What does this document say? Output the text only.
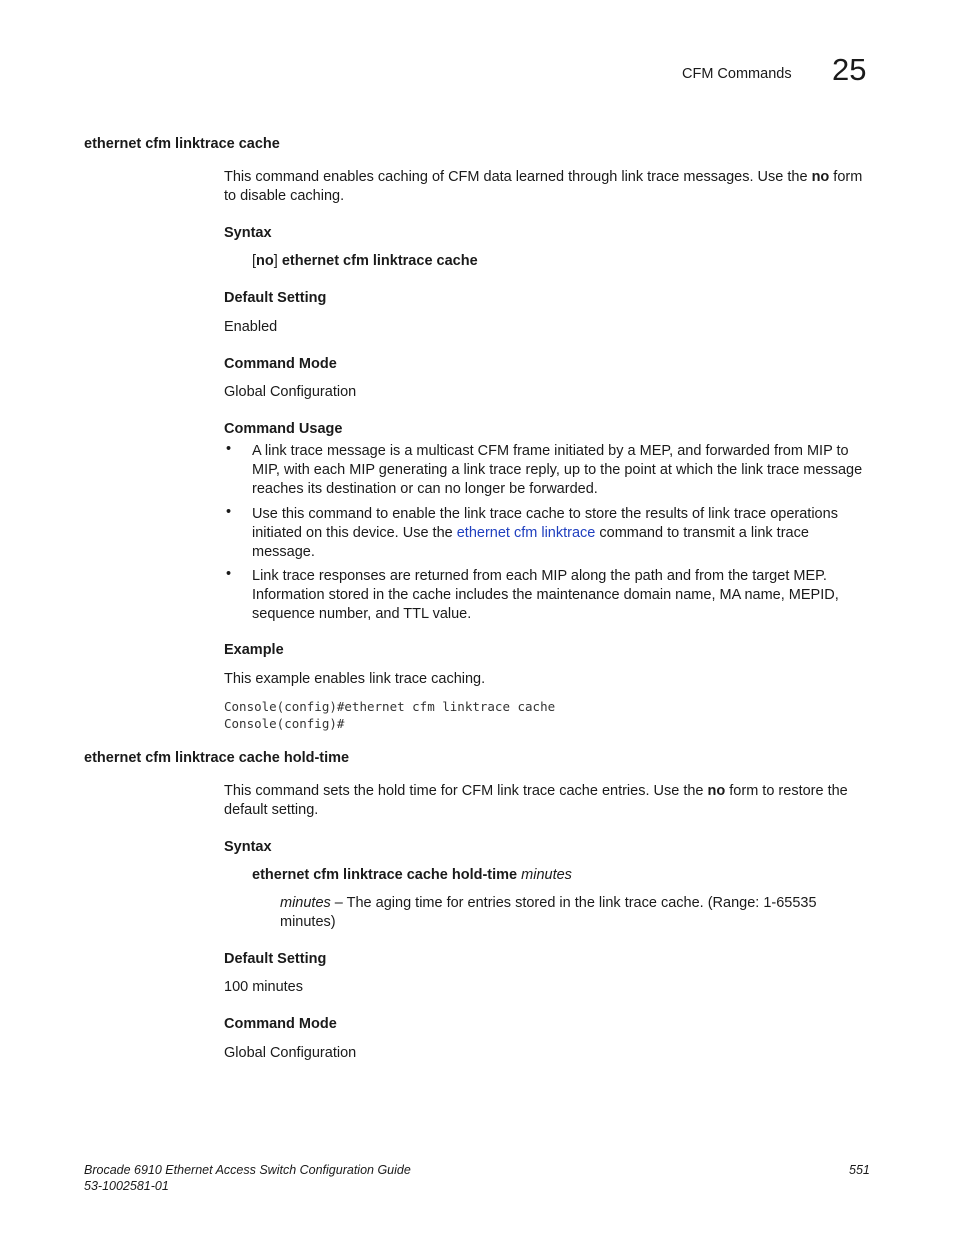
CFM Commands 25
ethernet cfm linktrace cache
This command enables caching of CFM data learned through link trace messages. Use the no form to disable caching.
Syntax
[no] ethernet cfm linktrace cache
Default Setting
Enabled
Command Mode
Global Configuration
Command Usage
• A link trace message is a multicast CFM frame initiated by a MEP, and forwarded from MIP to MIP, with each MIP generating a link trace reply, up to the point at which the link trace message reaches its destination or can no longer be forwarded.
• Use this command to enable the link trace cache to store the results of link trace operations initiated on this device. Use the ethernet cfm linktrace command to transmit a link trace message.
• Link trace responses are returned from each MIP along the path and from the target MEP. Information stored in the cache includes the maintenance domain name, MA name, MEPID, sequence number, and TTL value.
Example
This example enables link trace caching.
Console(config)#ethernet cfm linktrace cache
Console(config)#
ethernet cfm linktrace cache hold-time
This command sets the hold time for CFM link trace cache entries. Use the no form to restore the default setting.
Syntax
ethernet cfm linktrace cache hold-time minutes
minutes – The aging time for entries stored in the link trace cache. (Range: 1-65535 minutes)
Default Setting
100 minutes
Command Mode
Global Configuration
Brocade 6910 Ethernet Access Switch Configuration Guide
53-1002581-01
551
